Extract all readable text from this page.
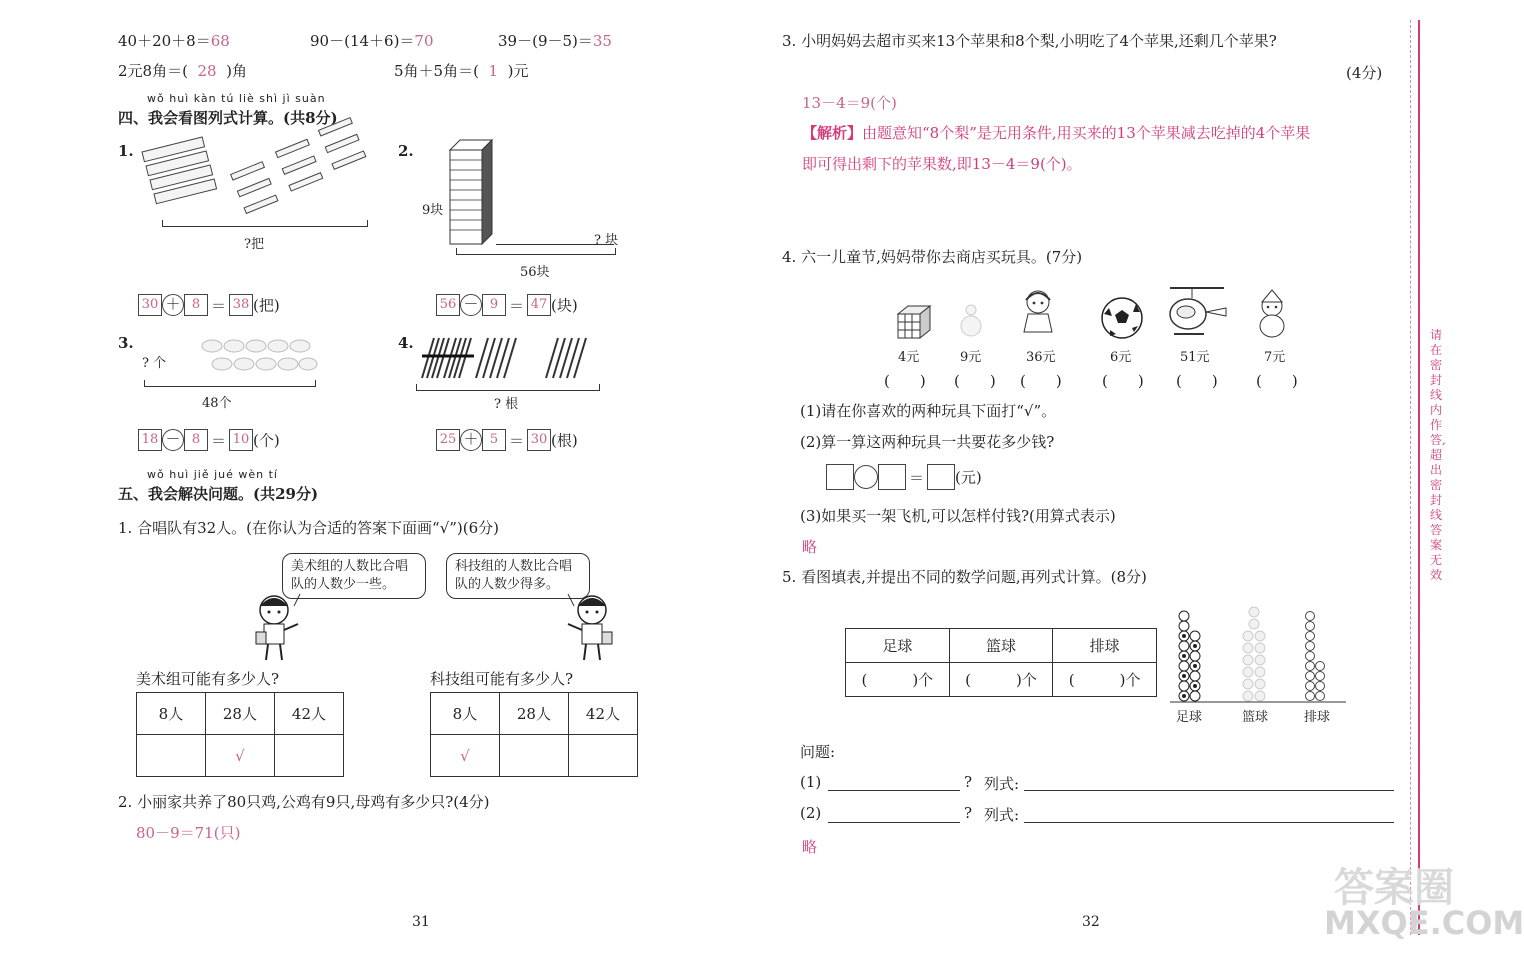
40＋20＋8＝68	90－(14＋6)＝70	39－(9－5)＝35
2元8角＝( 28 )角	5角＋5角＝( 1 )元
wǒ huì kàn tú liè shì jì suàn
四、我会看图列式计算。(共8分)
1.
?把
30 ＋ 8 ＝ 38 (把)
2.
9块
? 块
56块
56 － 9 ＝ 47 (块)
3.
? 个
48个
18 － 8 ＝ 10 (个)
4.
? 根
25 ＋ 5 ＝ 30 (根)
wǒ huì jiě jué wèn tí
五、我会解决问题。(共29分)
1. 合唱队有32人。(在你认为合适的答案下面画“√”)(6分)
美术组的人数比合唱队的人数少一些。
科技组的人数比合唱队的人数少得多。
美术组可能有多少人?	科技组可能有多少人?
8人	28人	42人
	√	
8人	28人	42人
√		
2. 小丽家共养了80只鸡,公鸡有9只,母鸡有多少只?(4分)
80－9＝71(只)
31
3. 小明妈妈去超市买来13个苹果和8个梨,小明吃了4个苹果,还剩几个苹果?
(4分)
13－4＝9(个)
【解析】由题意知“8个梨”是无用条件,用买来的13个苹果减去吃掉的4个苹果
即可得出剩下的苹果数,即13－4＝9(个)。
4. 六一儿童节,妈妈带你去商店买玩具。(7分)
4元	9元	36元	6元	51元	7元
(　　) (　　) (　　)	(　　) (　　)	(　　)
(1)请在你喜欢的两种玩具下面打“√”。
(2)算一算这两种玩具一共要花多少钱?
＝ (元)
(3)如果买一架飞机,可以怎样付钱?(用算式表示)
略
5. 看图填表,并提出不同的数学问题,再列式计算。(8分)
足球	篮球	排球
(　　　)个	(　　　)个	(　　　)个
足球	篮球	排球
问题:
(1)	? 列式:
(2)	? 列式:
略
32
请在密封线内作答,超出密封线答案无效
答案圈
MXQE.COM
